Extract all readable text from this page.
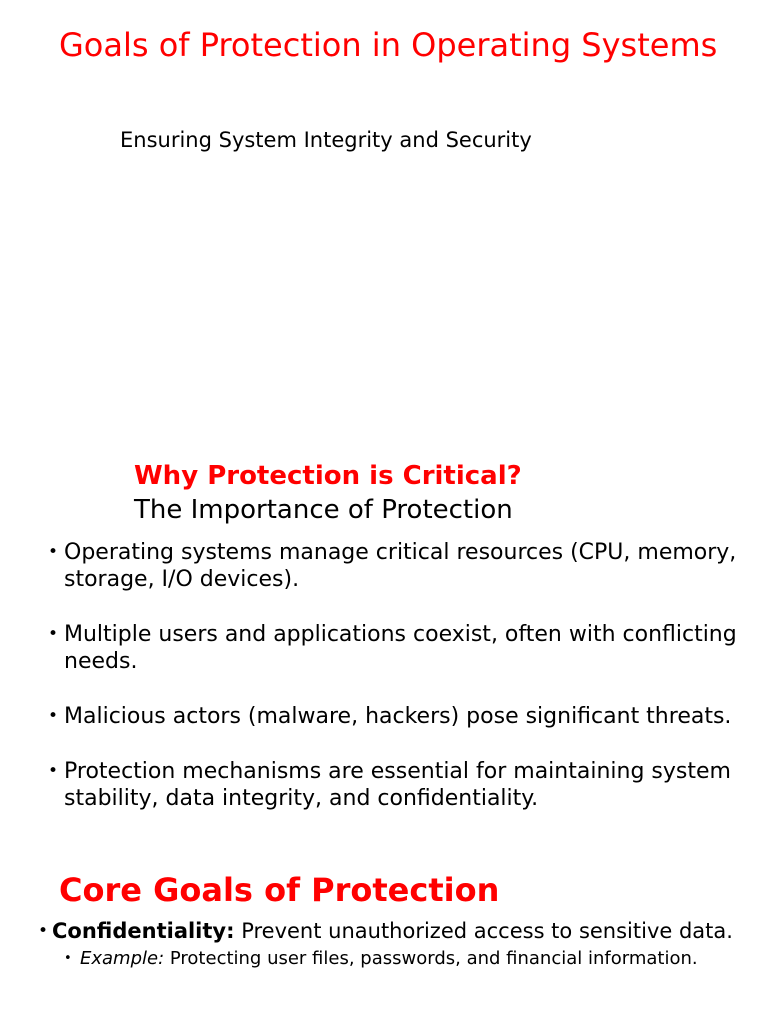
Goals of Protection in Operating Systems

Ensuring System Integrity and Security

Why Protection is Critical?

The Importance of Protection

• Operating systems manage critical resources (CPU, memory, storage, I/O devices).
• Multiple users and applications coexist, often with conflicting needs.
• Malicious actors (malware, hackers) pose significant threats.
• Protection mechanisms are essential for maintaining system stability, data integrity, and confidentiality.
Core Goals of Protection
• Confidentiality: Prevent unauthorized access to sensitive data.
• Example: Protecting user files, passwords, and financial information.
